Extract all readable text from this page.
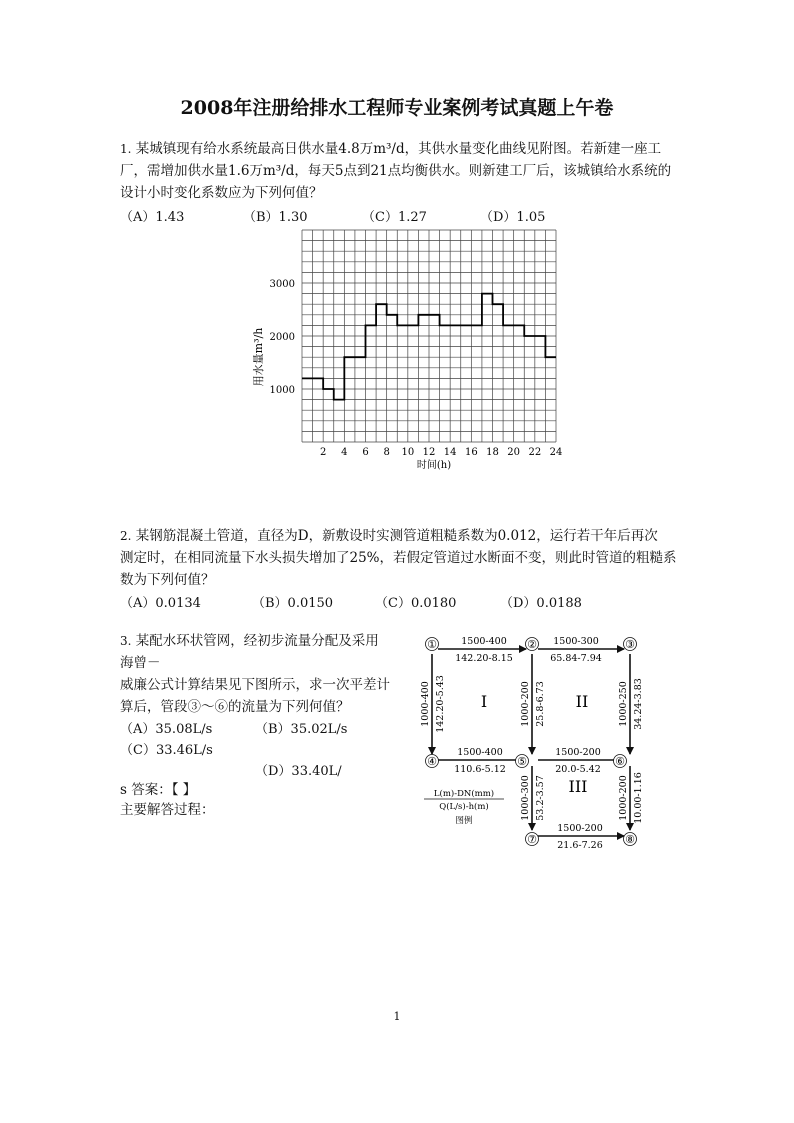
2008年注册给排水工程师专业案例考试真题上午卷
1. 某城镇现有给水系统最高日供水量4.8万m³/d，其供水量变化曲线见附图。若新建一座工
厂，需增加供水量1.6万m³/d，每天5点到21点均衡供水。则新建工厂后，该城镇给水系统的
设计小时变化系数应为下列何值？
（A）1.43	（B）1.30	（C）1.27	（D）1.05
2 4 6 8 10 12 14 16 18 20 22 24
1000
2000
3000
时间(h)
用水量m³/h
2. 某钢筋混凝土管道，直径为D，新敷设时实测管道粗糙系数为0.012，运行若干年后再次
测定时，在相同流量下水头损失增加了25%，若假定管道过水断面不变，则此时管道的粗糙系
数为下列何值？
（A）0.0134	（B）0.0150	（C）0.0180	（D）0.0188
3. 某配水环状管网，经初步流量分配及采用
海曾－
威廉公式计算结果见下图所示，求一次平差计
算后，管段③～⑥的流量为下列何值？
（A）35.08L/s	（B）35.02L/s
（C）33.46L/s
（D）33.40L/
s 答案：【 】
主要解答过程：
①	②	③
④	⑤	⑥
⑦	⑧
1500-400
142.20-8.15
1500-300
65.84-7.94
1500-400
110.6-5.12
1500-200
20.0-5.42
1500-200
21.6-7.26
1000-400 142.20-5.43	1000-200 25.8-6.73	1000-250 34.24-3.83
1000-300 53.2-3.57	1000-200 10.00-1.16
I	II
III
L(m)-DN(mm)
Q(L/s)-h(m)
图例
1
